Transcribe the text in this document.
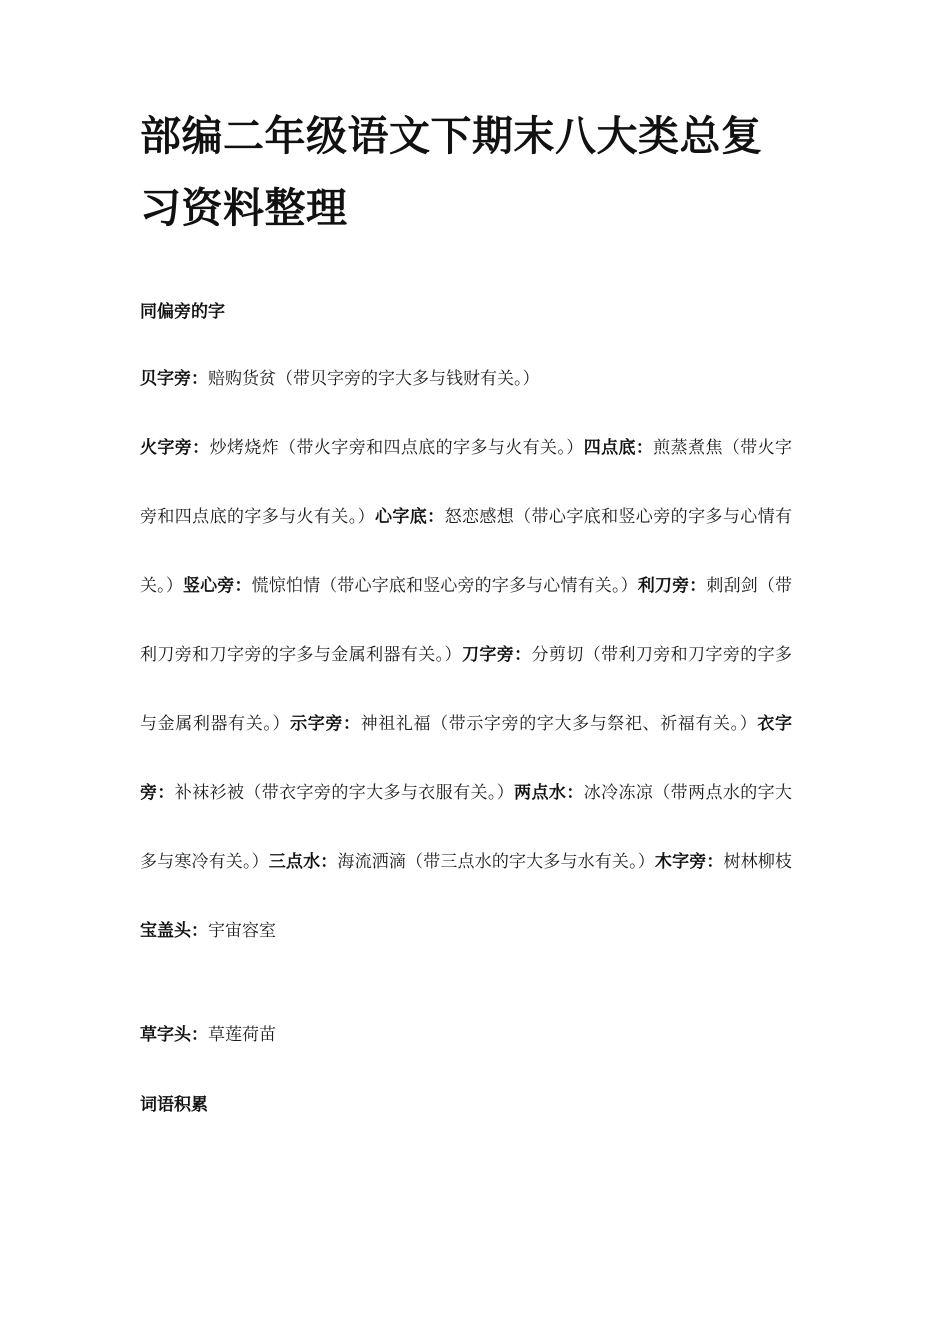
部编二年级语文下期末八大类总复习资料整理
同偏旁的字

贝字旁：赔购货贫（带贝字旁的字大多与钱财有关。）

火字旁：炒烤烧炸（带火字旁和四点底的字多与火有关。）四点底：煎蒸煮焦（带火字旁和四点底的字多与火有关。）心字底：怒恋感想（带心字底和竖心旁的字多与心情有关。）竖心旁：慌惊怕情（带心字底和竖心旁的字多与心情有关。）利刀旁：刺刮剑（带利刀旁和刀字旁的字多与金属利器有关。）刀字旁：分剪切（带利刀旁和刀字旁的字多与金属利器有关。）示字旁：神祖礼福（带示字旁的字大多与祭祀、祈福有关。）衣字旁：补袜衫被（带衣字旁的字大多与衣服有关。）两点水：冰冷冻凉（带两点水的字大多与寒冷有关。）三点水：海流洒滴（带三点水的字大多与水有关。）木字旁：树林柳枝宝盖头：宇宙容室

草字头：草莲荷苗

词语积累
